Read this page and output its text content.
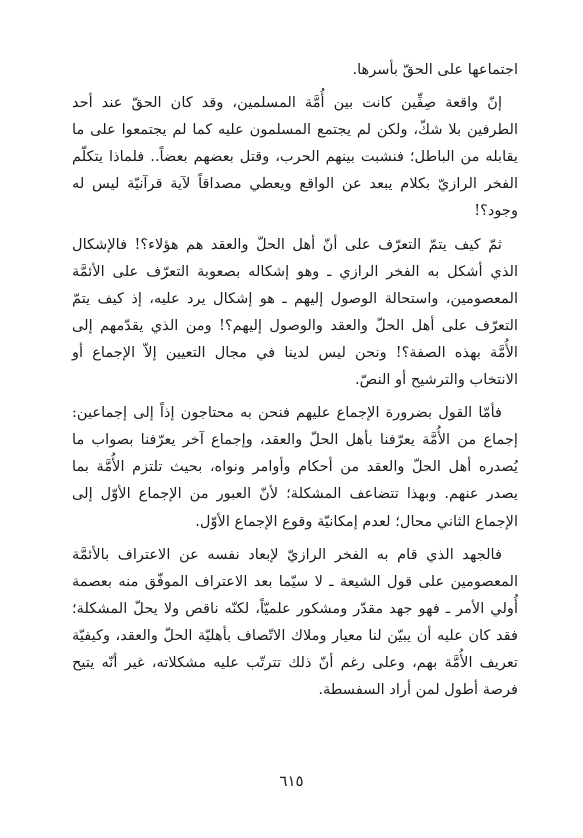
اجتماعها على الحقّ بأسرها.

إنّ واقعة صِفِّين كانت بين أُمَّة المسلمين، وقد كان الحقّ عند أحد الطرفين بلا شكّ، ولكن لم يجتمع المسلمون عليه كما لم يجتمعوا على ما يقابله من الباطل؛ فنشبت بينهم الحرب، وقتل بعضهم بعضاً.. فلماذا يتكلّم الفخر الرازيّ بكلام يبعد عن الواقع ويعطي مصداقاً لآية قرآنيّة ليس له وجود؟!

ثمّ كيف يتمّ التعرّف على أنّ أهل الحلّ والعقد هم هؤلاء؟! فالإشكال الذي أشكل به الفخر الرازي ـ وهو إشكاله بصعوبة التعرّف على الأئمَّة المعصومين، واستحالة الوصول إليهم ـ هو إشكال يرد عليه، إذ كيف يتمّ التعرّف على أهل الحلّ والعقد والوصول إليهم؟! ومن الذي يقدّمهم إلى الأُمَّة بهذه الصفة؟! ونحن ليس لدينا في مجال التعيين إلاّ الإجماع أو الانتخاب والترشيح أو النصّ.

فأمّا القول بضرورة الإجماع عليهم فنحن به محتاجون إذاً إلى إجماعين: إجماع من الأُمَّة يعرّفنا بأهل الحلّ والعقد، وإجماع آخر يعرّفنا بصواب ما يُصدره أهل الحلّ والعقد من أحكام وأوامر ونواه، بحيث تلتزم الأُمَّة بما يصدر عنهم. وبهذا تتضاعف المشكلة؛ لأنّ العبور من الإجماع الأوّل إلى الإجماع الثاني محال؛ لعدم إمكانيّة وقوع الإجماع الأوّل.

فالجهد الذي قام به الفخر الرازيّ لإبعاد نفسه عن الاعتراف بالأئمَّة المعصومين على قول الشيعة ـ لا سيّما بعد الاعتراف الموفّق منه بعصمة أُولي الأمر ـ فهو جهد مقدّر ومشكور علميّاً، لكنّه ناقص ولا يحلّ المشكلة؛ فقد كان عليه أن يبيّن لنا معيار وملاك الاتّصاف بأهليّة الحلّ والعقد، وكيفيّة تعريف الأُمَّة بهم، وعلى رغم أنّ ذلك تترتّب عليه مشكلاته، غير أنّه يتيح فرصة أطول لمن أراد السفسطة.

٦١٥
